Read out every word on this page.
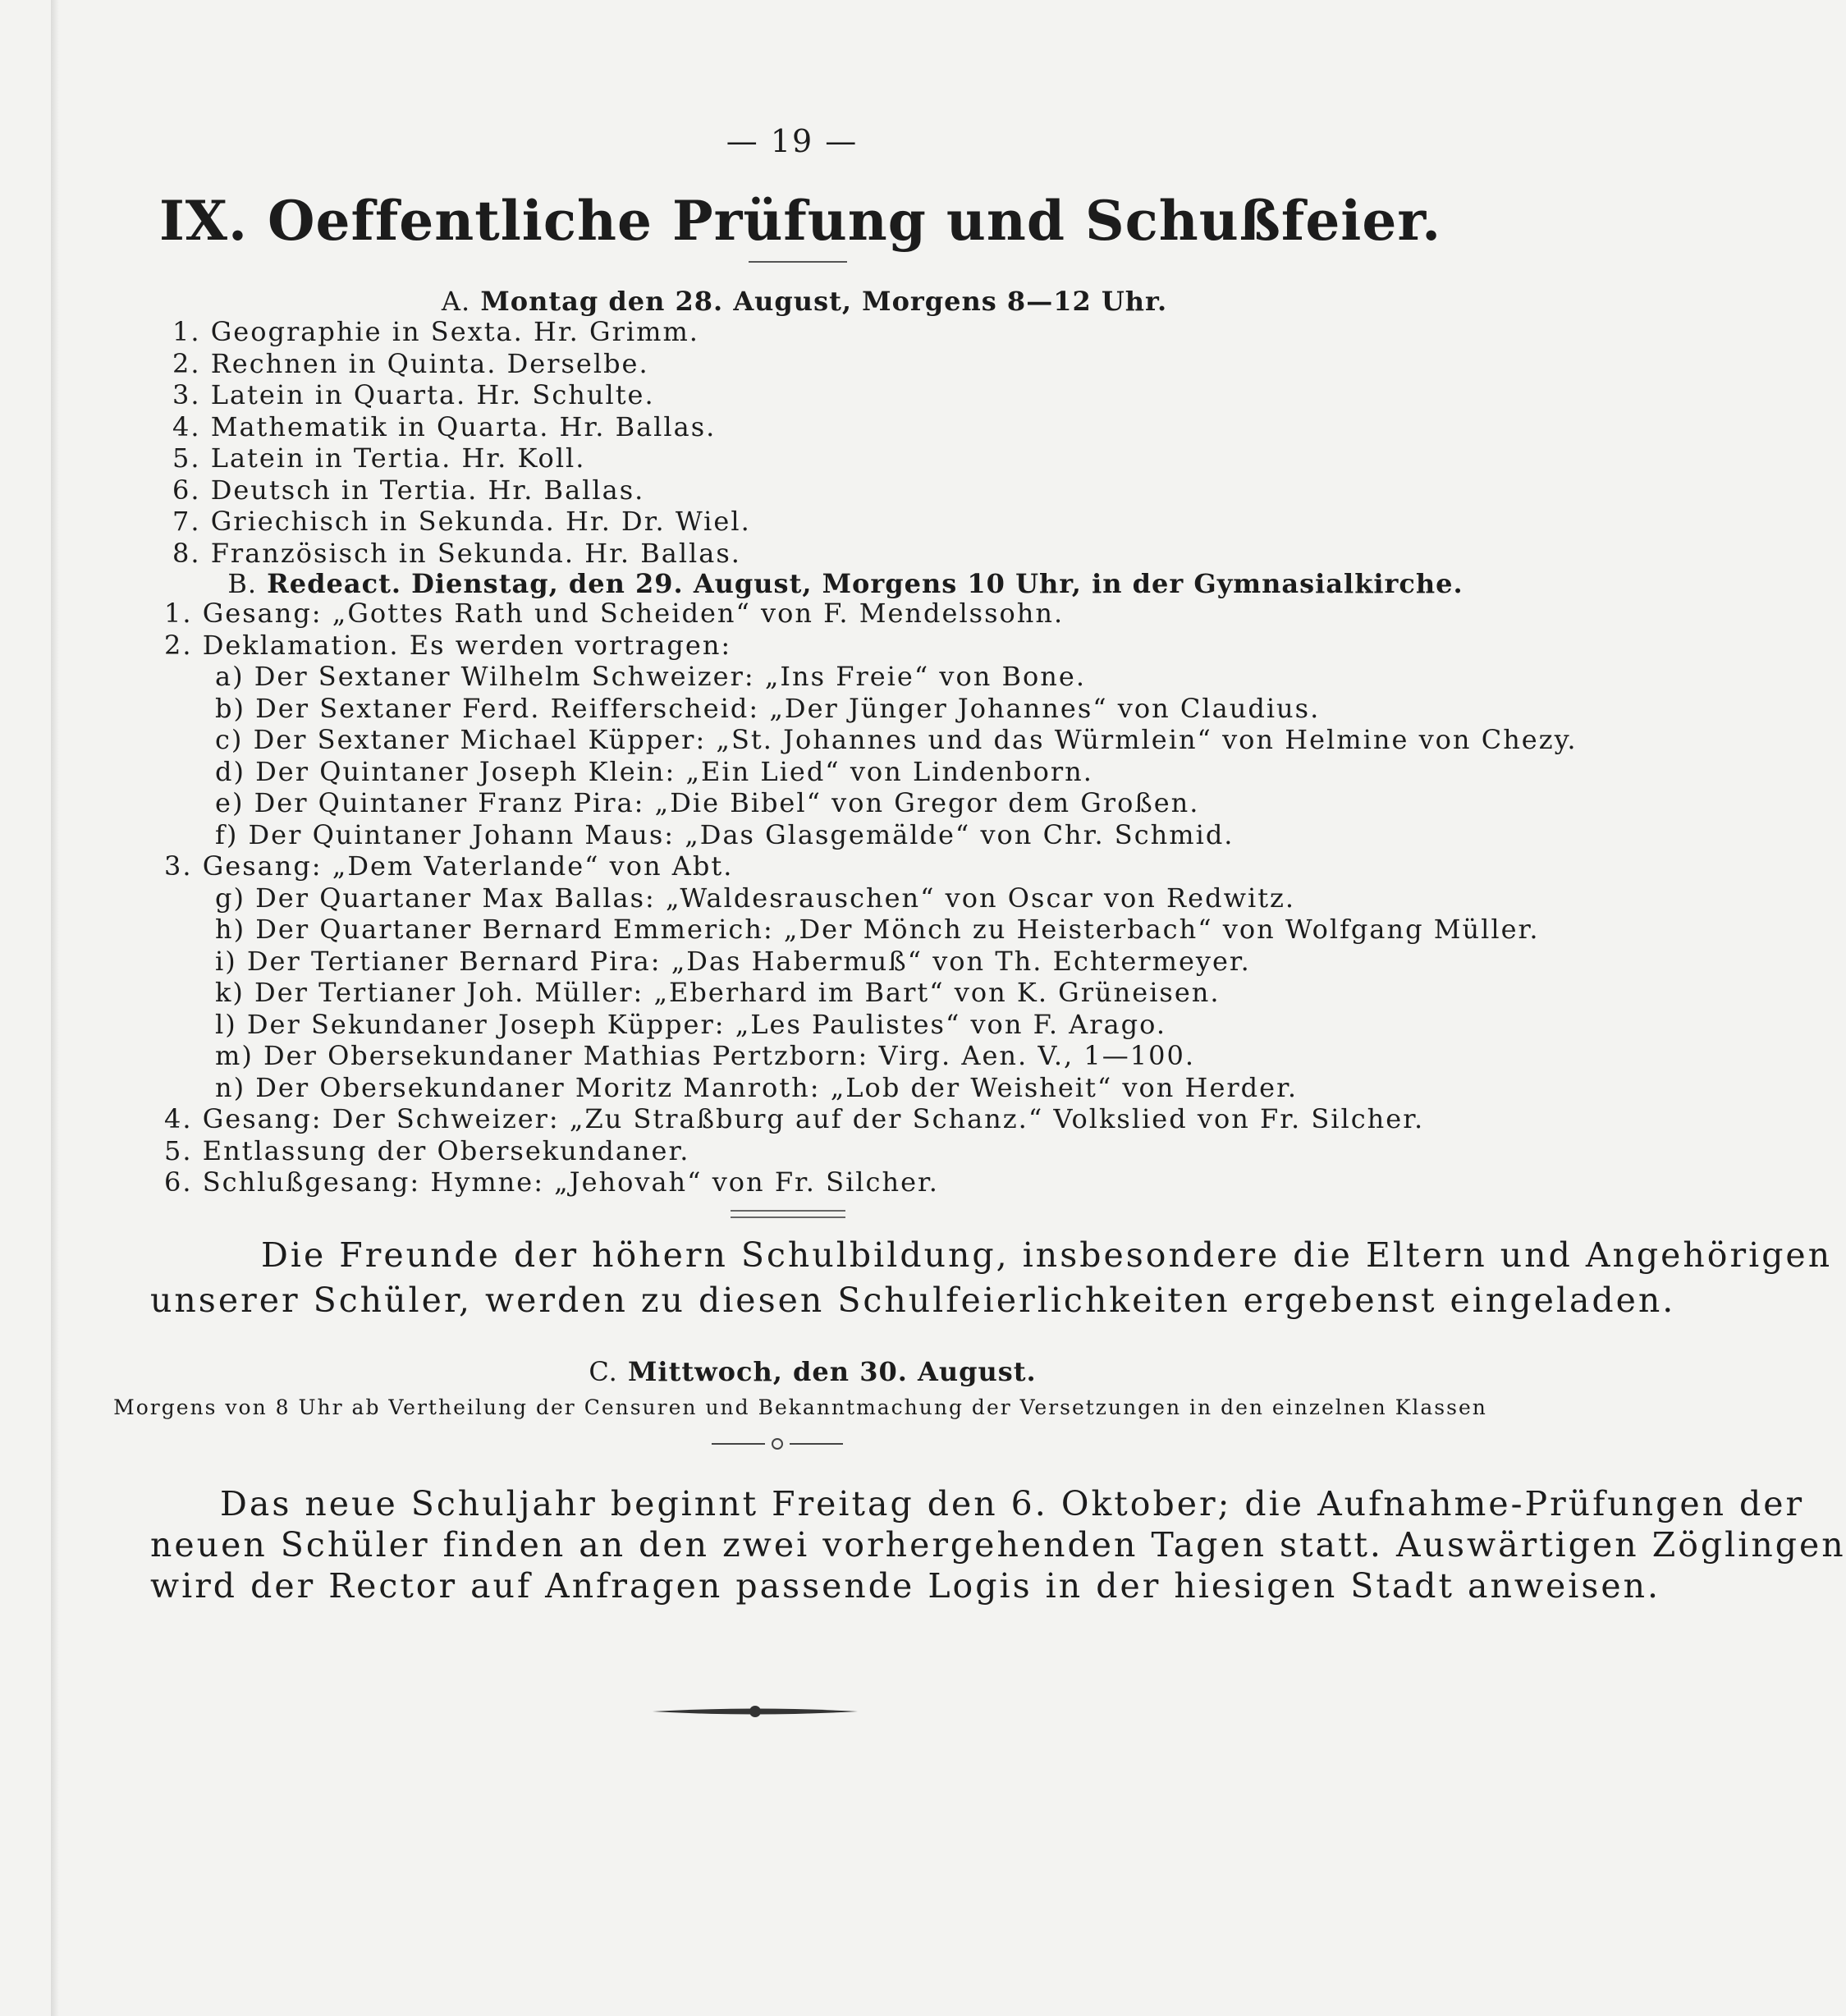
— 19 —
IX. Oeffentliche Prüfung und Schußfeier.
A. Montag den 28. August, Morgens 8—12 Uhr.
1. Geographie in Sexta. Hr. Grimm.
2. Rechnen in Quinta. Derselbe.
3. Latein in Quarta. Hr. Schulte.
4. Mathematik in Quarta. Hr. Ballas.
5. Latein in Tertia. Hr. Koll.
6. Deutsch in Tertia. Hr. Ballas.
7. Griechisch in Sekunda. Hr. Dr. Wiel.
8. Französisch in Sekunda. Hr. Ballas.
B. Redeact. Dienstag, den 29. August, Morgens 10 Uhr, in der Gymnasialkirche.
1. Gesang: „Gottes Rath und Scheiden“ von F. Mendelssohn.
2. Deklamation. Es werden vortragen:
a) Der Sextaner Wilhelm Schweizer: „Ins Freie“ von Bone.
b) Der Sextaner Ferd. Reifferscheid: „Der Jünger Johannes“ von Claudius.
c) Der Sextaner Michael Küpper: „St. Johannes und das Würmlein“ von Helmine von Chezy.
d) Der Quintaner Joseph Klein: „Ein Lied“ von Lindenborn.
e) Der Quintaner Franz Pira: „Die Bibel“ von Gregor dem Großen.
f) Der Quintaner Johann Maus: „Das Glasgemälde“ von Chr. Schmid.
3. Gesang: „Dem Vaterlande“ von Abt.
g) Der Quartaner Max Ballas: „Waldesrauschen“ von Oscar von Redwitz.
h) Der Quartaner Bernard Emmerich: „Der Mönch zu Heisterbach“ von Wolfgang Müller.
i) Der Tertianer Bernard Pira: „Das Habermuß“ von Th. Echtermeyer.
k) Der Tertianer Joh. Müller: „Eberhard im Bart“ von K. Grüneisen.
l) Der Sekundaner Joseph Küpper: „Les Paulistes“ von F. Arago.
m) Der Obersekundaner Mathias Pertzborn: Virg. Aen. V., 1—100.
n) Der Obersekundaner Moritz Manroth: „Lob der Weisheit“ von Herder.
4. Gesang: Der Schweizer: „Zu Straßburg auf der Schanz.“ Volkslied von Fr. Silcher.
5. Entlassung der Obersekundaner.
6. Schlußgesang: Hymne: „Jehovah“ von Fr. Silcher.
Die Freunde der höhern Schulbildung, insbesondere die Eltern und Angehörigen
unserer Schüler, werden zu diesen Schulfeierlichkeiten ergebenst eingeladen.
C. Mittwoch, den 30. August.
Morgens von 8 Uhr ab Vertheilung der Censuren und Bekanntmachung der Versetzungen in den einzelnen Klassen
Das neue Schuljahr beginnt Freitag den 6. Oktober; die Aufnahme-Prüfungen der
neuen Schüler finden an den zwei vorhergehenden Tagen statt. Auswärtigen Zöglingen
wird der Rector auf Anfragen passende Logis in der hiesigen Stadt anweisen.
